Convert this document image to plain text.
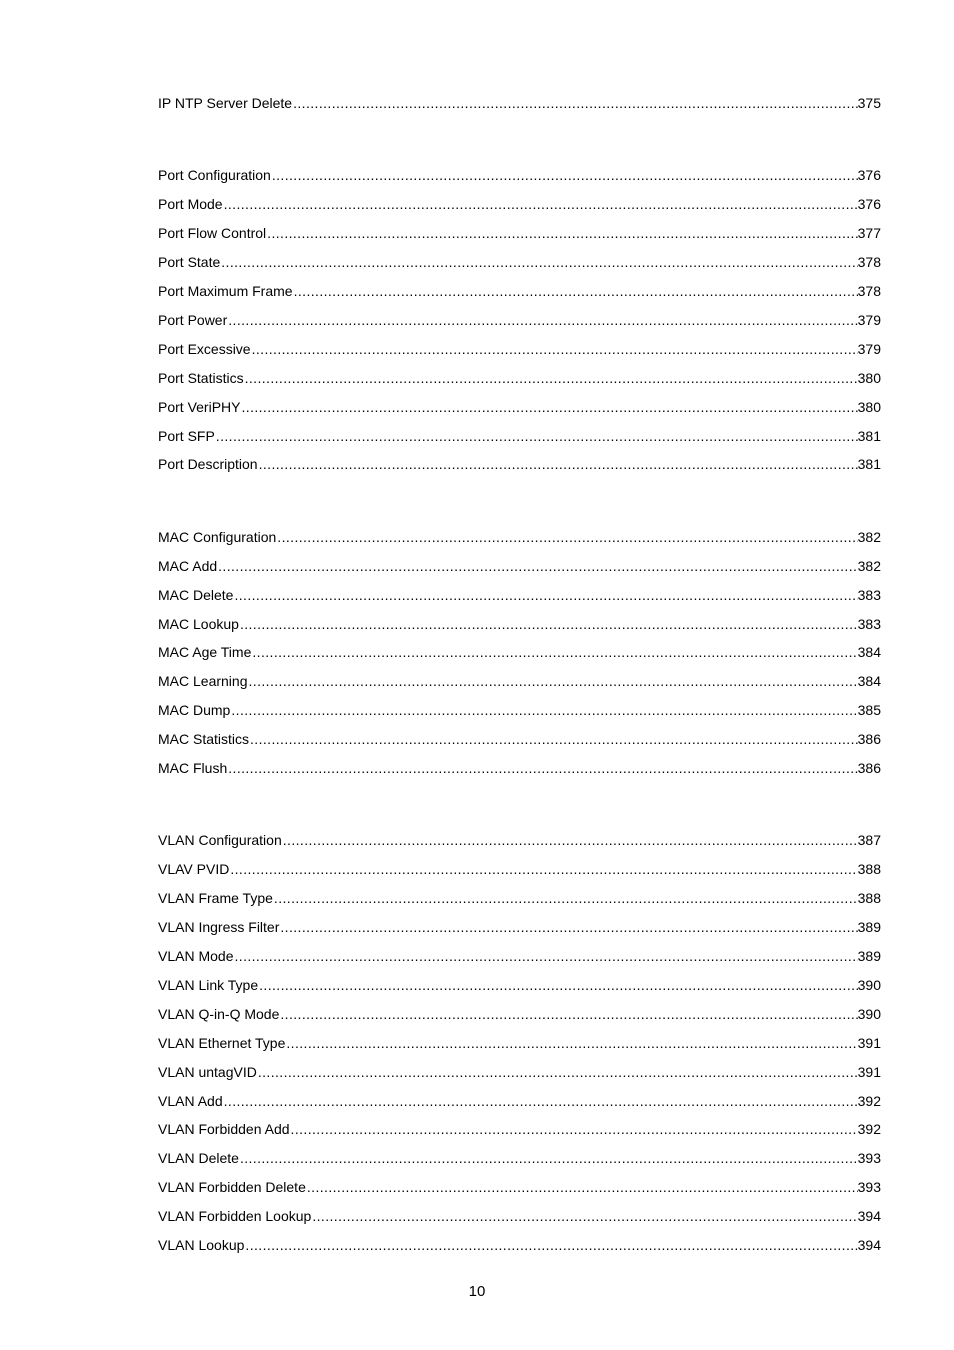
IP NTP Server Delete .....	375
Port Configuration .....	376
Port Mode .....	376
Port Flow Control .....	377
Port State .....	378
Port Maximum Frame .....	378
Port Power .....	379
Port Excessive .....	379
Port Statistics .....	380
Port VeriPHY .....	380
Port SFP .....	381
Port Description .....	381
MAC Configuration .....	382
MAC Add .....	382
MAC Delete .....	383
MAC Lookup .....	383
MAC Age Time .....	384
MAC Learning .....	384
MAC Dump .....	385
MAC Statistics .....	386
MAC Flush .....	386
VLAN Configuration .....	387
VLAV PVID .....	388
VLAN Frame Type .....	388
VLAN Ingress Filter .....	389
VLAN Mode .....	389
VLAN Link Type .....	390
VLAN Q-in-Q Mode .....	390
VLAN Ethernet Type .....	391
VLAN untagVID .....	391
VLAN Add .....	392
VLAN Forbidden Add .....	392
VLAN Delete .....	393
VLAN Forbidden Delete .....	393
VLAN Forbidden Lookup .....	394
VLAN Lookup .....	394
10
